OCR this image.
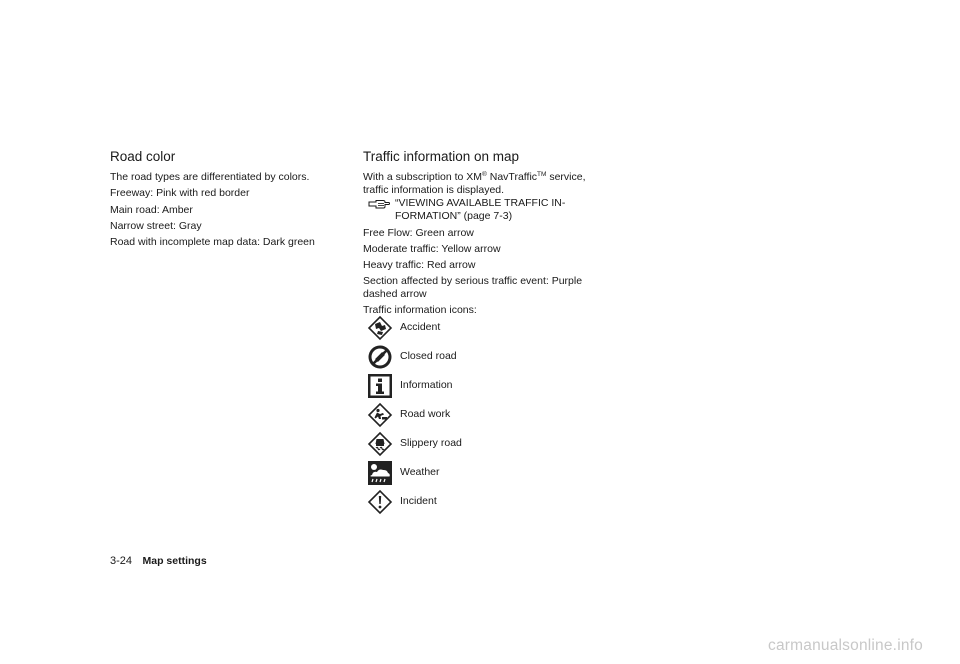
Road color
The road types are differentiated by colors.
Freeway: Pink with red border
Main road: Amber
Narrow street: Gray
Road with incomplete map data: Dark green
Traffic information on map
With a subscription to XM® NavTraffic™ service,
traffic information is displayed.
“VIEWING AVAILABLE TRAFFIC IN-
FORMATION” (page 7-3)
Free Flow: Green arrow
Moderate traffic: Yellow arrow
Heavy traffic: Red arrow
Section affected by serious traffic event: Purple
dashed arrow
Traffic information icons:
Accident
Closed road
Information
Road work
Slippery road
Weather
Incident
3-24 Map settings
carmanualsonline.info
